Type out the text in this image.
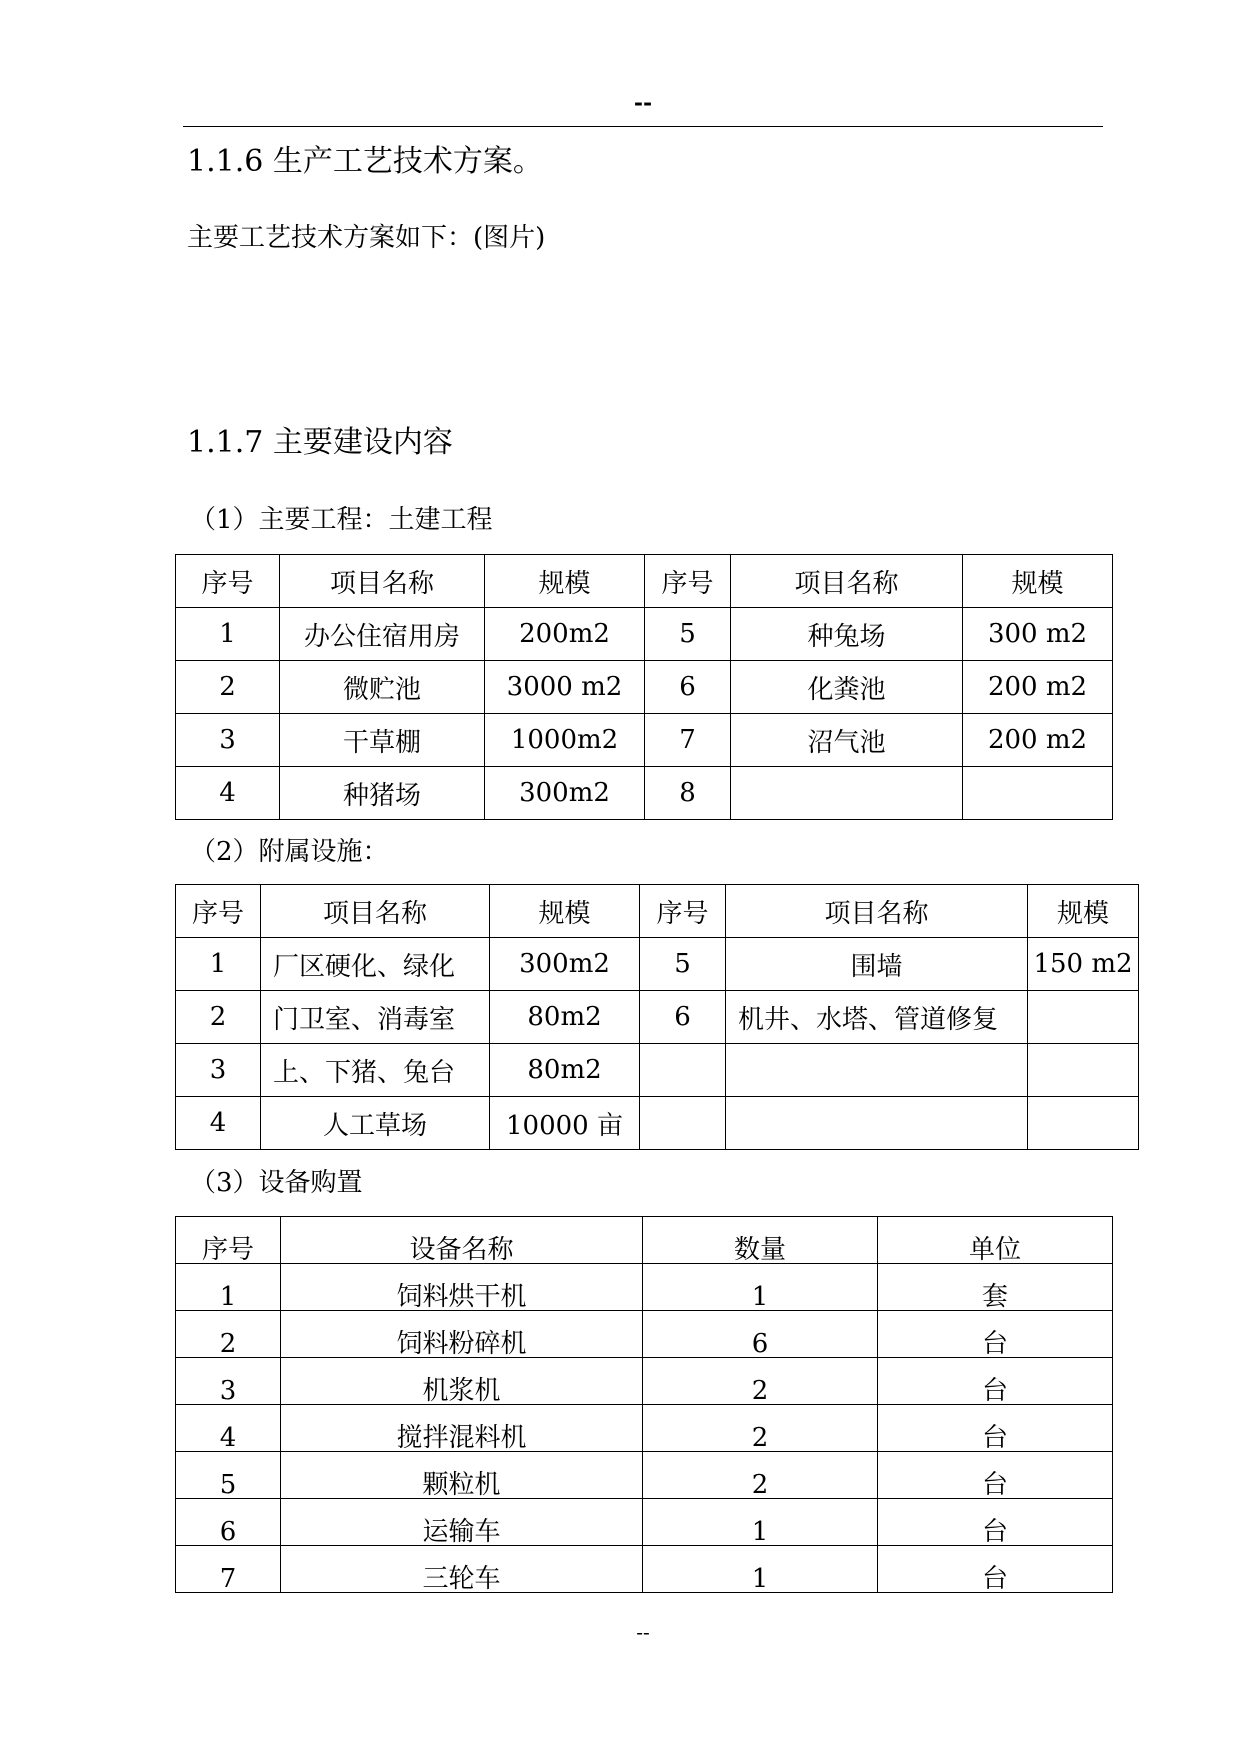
--
1.1.6 生产工艺技术方案。
主要工艺技术方案如下：(图片)
1.1.7 主要建设内容
（1）主要工程：土建工程
序号	项目名称	规模	序号	项目名称	规模
1	办公住宿用房	200m2	5	种兔场	300 m2
2	微贮池	3000 m2	6	化粪池	200 m2
3	干草棚	1000m2	7	沼气池	200 m2
4	种猪场	300m2	8		
（2）附属设施：
序号	项目名称	规模	序号	项目名称	规模
1	厂区硬化、绿化	300m2	5	围墙	150 m2
2	门卫室、消毒室	80m2	6	机井、水塔、管道修复	
3	上、下猪、兔台	80m2			
4	人工草场	10000 亩			
（3）设备购置
序号	设备名称	数量	单位
1	饲料烘干机	1	套
2	饲料粉碎机	6	台
3	机浆机	2	台
4	搅拌混料机	2	台
5	颗粒机	2	台
6	运输车	1	台
7	三轮车	1	台
--
